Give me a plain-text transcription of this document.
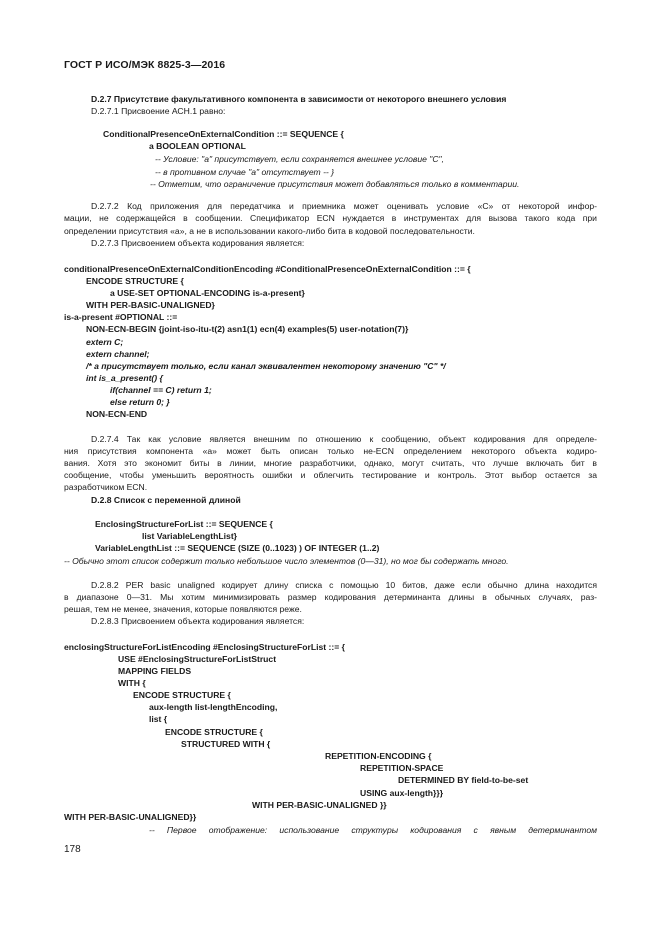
ГОСТ Р ИСО/МЭК 8825-3—2016
D.2.7 Присутствие факультативного компонента в зависимости от некоторого внешнего условия
D.2.7.1 Присвоение АСН.1 равно:
ConditionalPresenceOnExternalCondition ::= SEQUENCE {
a BOOLEAN OPTIONAL
-- Условие: "a" присутствует, если сохраняется внешнее условие "C",
-- в противном случае "a" отсутствует -- }
-- Отметим, что ограничение присутствия может добавляться только в комментарии.
D.2.7.2 Код приложения для передатчика и приемника может оценивать условие «С» от некоторой инфор-
мации, не содержащейся в сообщении. Спецификатор ECN нуждается в инструментах для вызова такого кода при
определении присутствия «a», а не в использовании какого-либо бита в кодовой последовательности.
D.2.7.3 Присвоением объекта кодирования является:
conditionalPresenceOnExternalConditionEncoding #ConditionalPresenceOnExternalCondition ::= {
ENCODE STRUCTURE {
a USE-SET OPTIONAL-ENCODING is-a-present}
WITH PER-BASIC-UNALIGNED}
is-a-present #OPTIONAL ::=
NON-ECN-BEGIN {joint-iso-itu-t(2) asn1(1) ecn(4) examples(5) user-notation(7)}
extern C;
extern channel;
/* a присутствует только, если канал эквивалентен некоторому значению "C" */
int is_a_present() {
if(channel == C) return 1;
else return 0; }
NON-ECN-END
D.2.7.4 Так как условие является внешним по отношению к сообщению, объект кодирования для определе-
ния присутствия компонента «a» может быть описан только не-ECN определением некоторого объекта кодиро-
вания. Хотя это экономит биты в линии, многие разработчики, однако, могут считать, что лучше включать бит в
сообщение, чтобы уменьшить вероятность ошибки и облегчить тестирование и контроль. Этот выбор остается за
разработчиком ECN.
D.2.8 Список с переменной длиной
EnclosingStructureForList ::= SEQUENCE {
list VariableLengthList}
VariableLengthList ::= SEQUENCE (SIZE (0..1023) ) OF INTEGER (1..2)
-- Обычно этот список содержит только небольшое число элементов (0—31), но мог бы содержать много.
D.2.8.2 PER basic unaligned кодирует длину списка с помощью 10 битов, даже если обычно длина находится
в диапазоне 0—31. Мы хотим минимизировать размер кодирования детерминанта длины в обычных случаях, раз-
решая, тем не менее, значения, которые появляются реже.
D.2.8.3 Присвоением объекта кодирования является:
enclosingStructureForListEncoding #EnclosingStructureForList ::= {
USE #EnclosingStructureForListStruct
MAPPING FIELDS
WITH {
ENCODE STRUCTURE {
aux-length list-lengthEncoding,
list {
ENCODE STRUCTURE {
STRUCTURED WITH {
REPETITION-ENCODING {
REPETITION-SPACE
DETERMINED BY field-to-be-set
USING aux-length}}}
WITH PER-BASIC-UNALIGNED }}
WITH PER-BASIC-UNALIGNED}}
-- Первое отображение: использование структуры кодирования с явным детерминантом
178
